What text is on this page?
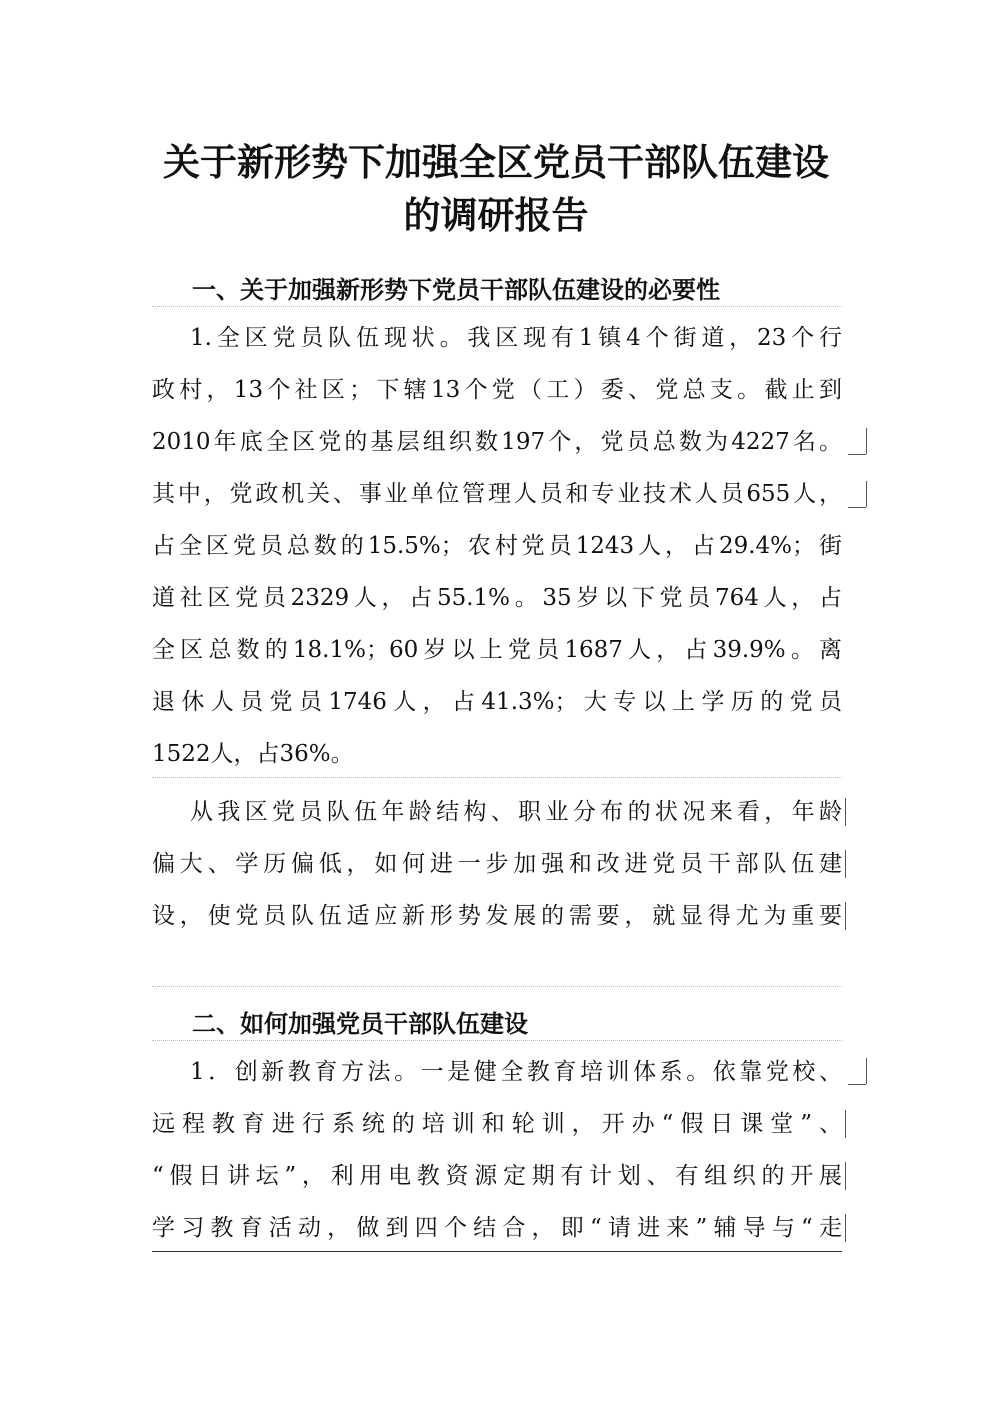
关于新形势下加强全区党员干部队伍建设
的调研报告
一、关于加强新形势下党员干部队伍建设的必要性
1.全区党员队伍现状。我区现有1镇4个街道，23个行
政村，13个社区；下辖13个党（工）委、党总支。截止到
2010年底全区党的基层组织数197个，党员总数为4227名。
其中，党政机关、事业单位管理人员和专业技术人员655人，
占全区党员总数的15.5%；农村党员1243人，占29.4%；街
道社区党员2329人，占55.1%。35岁以下党员764人，占
全区总数的18.1%；60岁以上党员1687人，占39.9%。离
退休人员党员1746人，占41.3%；大专以上学历的党员
1522人，占36%。
从我区党员队伍年龄结构、职业分布的状况来看，年龄
偏大、学历偏低，如何进一步加强和改进党员干部队伍建
设，使党员队伍适应新形势发展的需要，就显得尤为重要
二、如何加强党员干部队伍建设
1．创新教育方法。一是健全教育培训体系。依靠党校、
远程教育进行系统的培训和轮训，开办“假日课堂”、
“假日讲坛”，利用电教资源定期有计划、有组织的开展
学习教育活动，做到四个结合，即“请进来”辅导与“走
